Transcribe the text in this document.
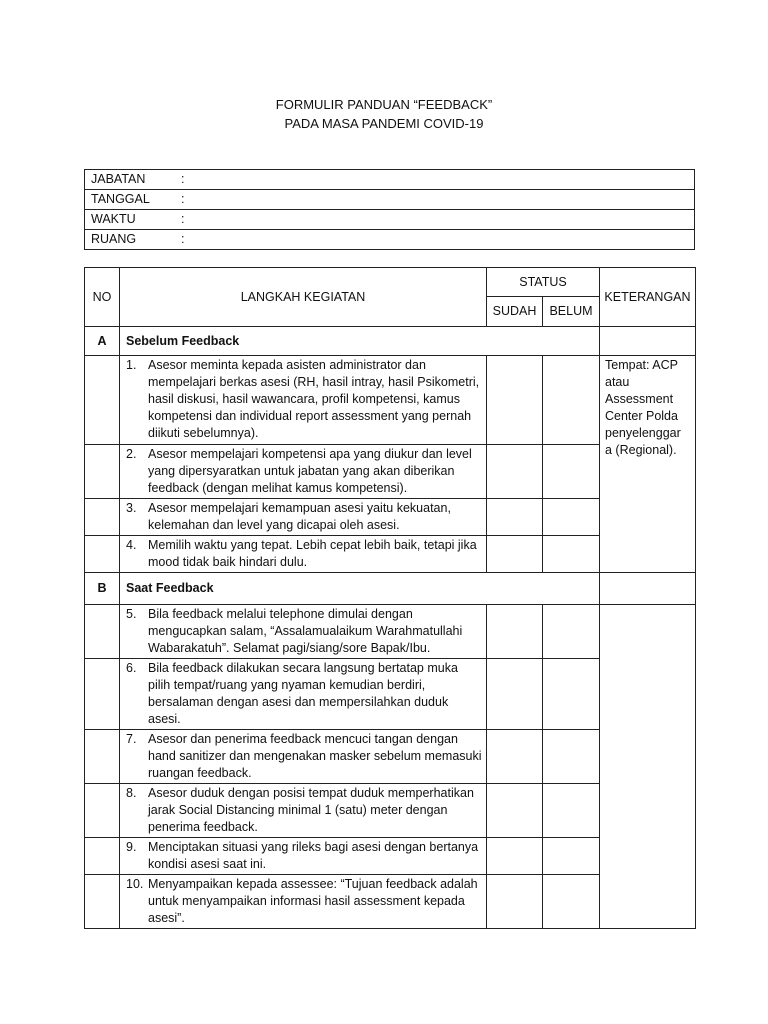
FORMULIR PANDUAN “FEEDBACK”
PADA MASA PANDEMI COVID-19
JABATAN	:
TANGGAL :
WAKTU	:
RUANG	:
NO	LANGKAH KEGIATAN	STATUS		KETERANGAN
		SUDAH	BELUM	
A	Sebelum Feedback			

	1. Asesor meminta kepada asisten administrator dan mempelajari berkas asesi (RH, hasil intray, hasil Psikometri, hasil diskusi, hasil wawancara, profil kompetensi, kamus kompetensi dan individual report assessment yang pernah diikuti sebelumnya).			Tempat: ACP atau Assessment Center Polda penyelenggar a (Regional).

	2. Asesor mempelajari kompetensi apa yang diukur dan level yang dipersyaratkan untuk jabatan yang akan diberikan feedback (dengan melihat kamus kompetensi).			

	3. Asesor mempelajari kemampuan asesi yaitu kekuatan, kelemahan dan level yang dicapai oleh asesi.			

	4. Memilih waktu yang tepat. Lebih cepat lebih baik, tetapi jika mood tidak baik hindari dulu.			

B	Saat Feedback			

	5. Bila feedback melalui telephone dimulai dengan mengucapkan salam, “Assalamualaikum Warahmatullahi Wabarakatuh”. Selamat pagi/siang/sore Bapak/Ibu.			

	6. Bila feedback dilakukan secara langsung bertatap muka pilih tempat/ruang yang nyaman kemudian berdiri, bersalaman dengan asesi dan mempersilahkan duduk asesi.			

	7. Asesor dan penerima feedback mencuci tangan dengan hand sanitizer dan mengenakan masker sebelum memasuki ruangan feedback.			

	8. Asesor duduk dengan posisi tempat duduk memperhatikan jarak Social Distancing minimal 1 (satu) meter dengan penerima feedback.			

	9. Menciptakan situasi yang rileks bagi asesi dengan bertanya kondisi asesi saat ini.			

	10. Menyampaikan kepada assessee: “Tujuan feedback adalah untuk menyampaikan informasi hasil assessment kepada asesi”.			
